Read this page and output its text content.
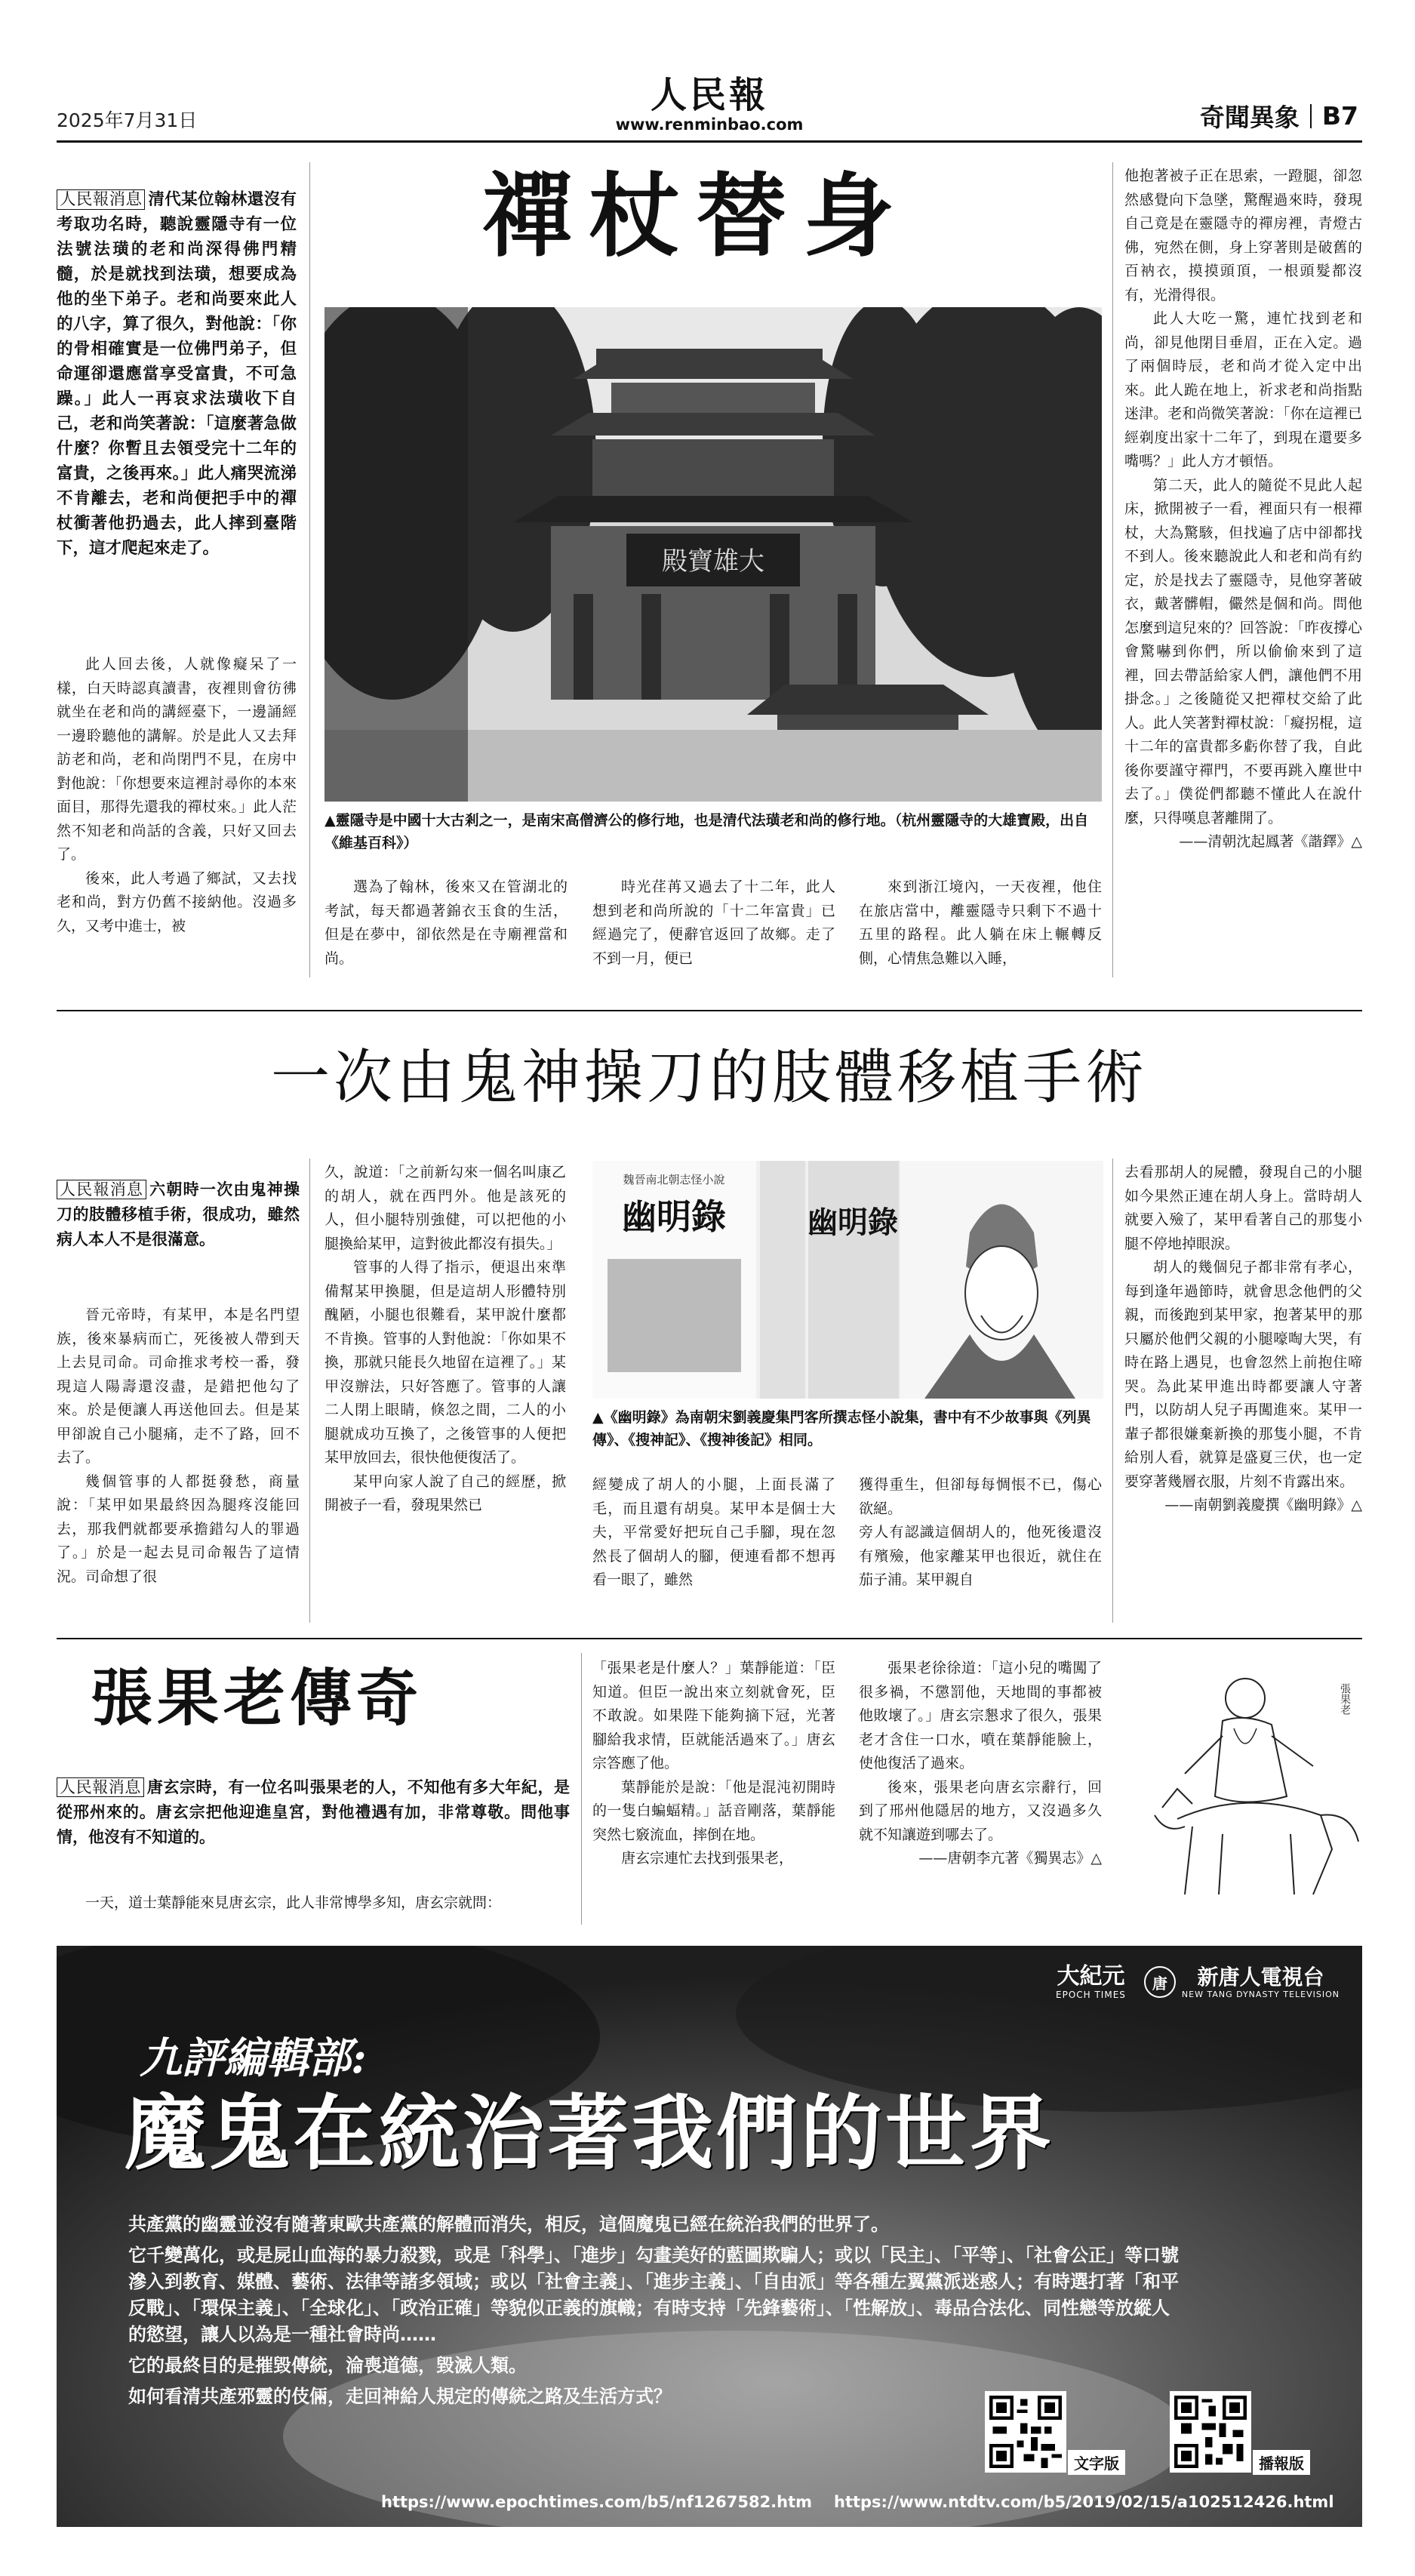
2025年7月31日
人民報
www.renminbao.com	奇聞異象 B7
人民報消息 清代某位翰林還沒有考取功名時，聽說靈隱寺有一位法號法璜的老和尚深得佛門精髓，於是就找到法璜，想要成為他的坐下弟子。老和尚要來此人的八字，算了很久，對他說：「你的骨相確實是一位佛門弟子，但命運卻還應當享受富貴，不可急躁。」此人一再哀求法璜收下自己，老和尚笑著說：「這麼著急做什麼？你暫且去領受完十二年的富貴，之後再來。」此人痛哭流涕不肯離去，老和尚便把手中的禪杖衝著他扔過去，此人摔到臺階下，這才爬起來走了。
禪杖替身
殿寶雄大
▲靈隱寺是中國十大古剎之一，是南宋高僧濟公的修行地，也是清代法璜老和尚的修行地。（杭州靈隱寺的大雄寶殿，出自《維基百科》）

此人回去後，人就像癡呆了一樣，白天時認真讀書，夜裡則會彷彿就坐在老和尚的講經臺下，一邊誦經一邊聆聽他的講解。於是此人又去拜訪老和尚，老和尚閉門不見，在房中對他說：「你想要來這裡討尋你的本來面目，那得先還我的禪杖來。」此人茫然不知老和尚話的含義，只好又回去了。

後來，此人考過了鄉試，又去找老和尚，對方仍舊不接納他。沒過多久，又考中進士，被

選為了翰林，後來又在管湖北的考試，每天都過著錦衣玉食的生活，但是在夢中，卻依然是在寺廟裡當和尚。

時光荏苒又過去了十二年，此人想到老和尚所說的「十二年富貴」已經過完了，便辭官返回了故鄉。走了不到一月，便已

來到浙江境內，一天夜裡，他住在旅店當中，離靈隱寺只剩下不過十五里的路程。此人躺在床上輾轉反側，心情焦急難以入睡，

他抱著被子正在思索，一蹬腿，卻忽然感覺向下急墜，驚醒過來時，發現自己竟是在靈隱寺的禪房裡，青燈古佛，宛然在側，身上穿著則是破舊的百衲衣，摸摸頭頂，一根頭髮都沒有，光滑得很。

此人大吃一驚，連忙找到老和尚，卻見他閉目垂眉，正在入定。過了兩個時辰，老和尚才從入定中出來。此人跪在地上，祈求老和尚指點迷津。老和尚微笑著說：「你在這裡已經剃度出家十二年了，到現在還要多嘴嗎？」此人方才頓悟。

第二天，此人的隨從不見此人起床，掀開被子一看，裡面只有一根禪杖，大為驚駭，但找遍了店中卻都找不到人。後來聽說此人和老和尚有約定，於是找去了靈隱寺，見他穿著破衣，戴著髒帽，儼然是個和尚。問他怎麼到這兒來的？回答說：「昨夜撐心會驚嚇到你們，所以偷偷來到了這裡，回去帶話給家人們，讓他們不用掛念。」之後隨從又把禪杖交給了此人。此人笑著對禪杖說：「癡拐棍，這十二年的富貴都多虧你替了我，自此後你要謹守禪門，不要再跳入塵世中去了。」僕從們都聽不懂此人在說什麼，只得嘆息著離開了。

——清朝沈起鳳著《諧鐸》△

一次由鬼神操刀的肢體移植手術
人民報消息 六朝時一次由鬼神操刀的肢體移植手術，很成功，雖然病人本人不是很滿意。

晉元帝時，有某甲，本是名門望族，後來暴病而亡，死後被人帶到天上去見司命。司命推求考校一番，發現這人陽壽還沒盡，是錯把他勾了來。於是便讓人再送他回去。但是某甲卻說自己小腿痛，走不了路，回不去了。

幾個管事的人都挺發愁，商量說：「某甲如果最終因為腿疼沒能回去，那我們就都要承擔錯勾人的罪過了。」於是一起去見司命報告了這情況。司命想了很

久，說道：「之前新勾來一個名叫康乙的胡人，就在西門外。他是該死的人，但小腿特別強健，可以把他的小腿換給某甲，這對彼此都沒有損失。」

管事的人得了指示，便退出來準備幫某甲換腿，但是這胡人形體特別醜陋，小腿也很難看，某甲說什麼都不肯換。管事的人對他說：「你如果不換，那就只能長久地留在這裡了。」某甲沒辦法，只好答應了。管事的人讓二人閉上眼睛，倏忽之間，二人的小腿就成功互換了，之後管事的人便把某甲放回去，很快他便復活了。

某甲向家人說了自己的經歷，掀開被子一看，發現果然已

魏晉南北朝志怪小說
幽明錄	幽明錄
▲《幽明錄》為南朝宋劉義慶集門客所撰志怪小說集，書中有不少故事與《列異傳》、《搜神記》、《搜神後記》相同。

經變成了胡人的小腿，上面長滿了毛，而且還有胡臭。某甲本是個士大夫，平常愛好把玩自己手腳，現在忽然長了個胡人的腳，便連看都不想再看一眼了，雖然

獲得重生，但卻每每惆悵不已，傷心欲絕。
旁人有認識這個胡人的，他死後還沒有殯殮，他家離某甲也很近，就住在茄子浦。某甲親自

去看那胡人的屍體，發現自己的小腿如今果然正連在胡人身上。當時胡人就要入殮了，某甲看著自己的那隻小腿不停地掉眼淚。

胡人的幾個兒子都非常有孝心，每到逢年過節時，就會思念他們的父親，而後跑到某甲家，抱著某甲的那只屬於他們父親的小腿嚎啕大哭，有時在路上遇見，也會忽然上前抱住啼哭。為此某甲進出時都要讓人守著門，以防胡人兒子再闖進來。某甲一輩子都很嫌棄新換的那隻小腿，不肯給別人看，就算是盛夏三伏，也一定要穿著幾層衣服，片刻不肯露出來。

——南朝劉義慶撰《幽明錄》△

張果老傳奇
人民報消息 唐玄宗時，有一位名叫張果老的人，不知他有多大年紀，是從邢州來的。唐玄宗把他迎進皇宮，對他禮遇有加，非常尊敬。問他事情，他沒有不知道的。

一天，道士葉靜能來見唐玄宗，此人非常博學多知，唐玄宗就問：

「張果老是什麼人？」葉靜能道：「臣知道。但臣一說出來立刻就會死，臣不敢說。如果陛下能夠摘下冠，光著腳給我求情，臣就能活過來了。」唐玄宗答應了他。

葉靜能於是說：「他是混沌初開時的一隻白蝙蝠精。」話音剛落，葉靜能突然七竅流血，摔倒在地。

唐玄宗連忙去找到張果老，

張果老徐徐道：「這小兒的嘴闖了很多禍，不懲罰他，天地間的事都被他敗壞了。」唐玄宗懇求了很久，張果老才含住一口水，噴在葉靜能臉上，使他復活了過來。

後來，張果老向唐玄宗辭行，回到了邢州他隱居的地方，又沒過多久就不知讓遊到哪去了。

——唐朝李亢著《獨異志》△

張果老
大紀元
EPOCH TIMES
唐	新唐人電視台
NEW TANG DYNASTY TELEVISION
九評編輯部:
魔鬼在統治著我們的世界

共產黨的幽靈並沒有隨著東歐共產黨的解體而消失，相反，這個魔鬼已經在統治我們的世界了。

它千變萬化，或是屍山血海的暴力殺戮，或是「科學」、「進步」勾畫美好的藍圖欺騙人；或以「民主」、「平等」、「社會公正」等口號滲入到教育、媒體、藝術、法律等諸多領域；或以「社會主義」、「進步主義」、「自由派」等各種左翼黨派迷惑人；有時選打著「和平反戰」、「環保主義」、「全球化」、「政治正確」等貌似正義的旗幟；有時支持「先鋒藝術」、「性解放」、毒品合法化、同性戀等放縱人的慾望，讓人以為是一種社會時尚……

它的最終目的是摧毀傳統，淪喪道德，毀滅人類。

如何看清共產邪靈的伎倆，走回神給人規定的傳統之路及生活方式？

文字版	播報版
https://www.epochtimes.com/b5/nf1267582.htm https://www.ntdtv.com/b5/2019/02/15/a102512426.html
